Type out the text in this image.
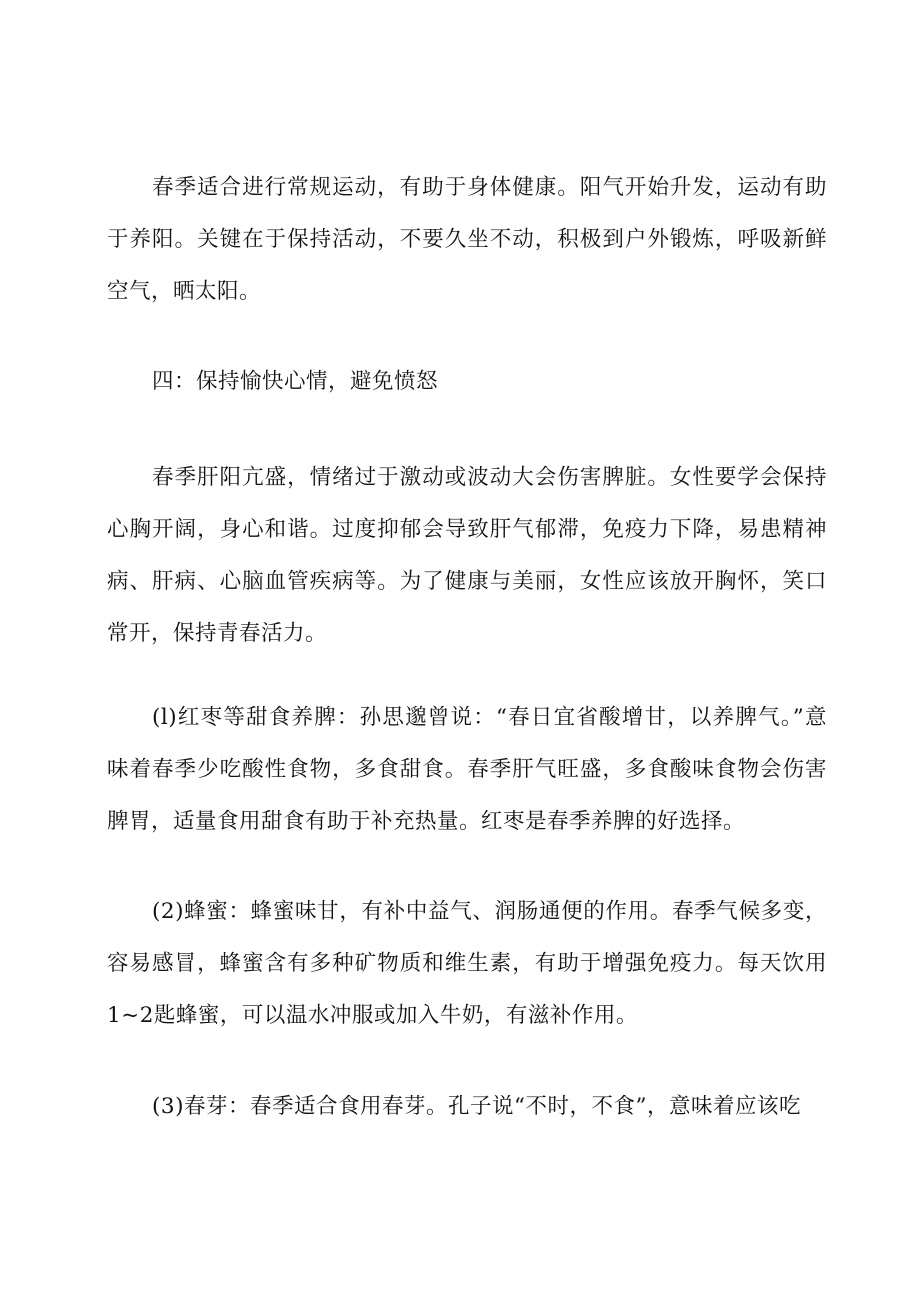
春季适合进行常规运动，有助于身体健康。阳气开始升发，运动有助于养阳。关键在于保持活动，不要久坐不动，积极到户外锻炼，呼吸新鲜空气，晒太阳。

四：保持愉快心情，避免愤怒

春季肝阳亢盛，情绪过于激动或波动大会伤害脾脏。女性要学会保持心胸开阔，身心和谐。过度抑郁会导致肝气郁滞，免疫力下降，易患精神病、肝病、心脑血管疾病等。为了健康与美丽，女性应该放开胸怀，笑口常开，保持青春活力。

(l)红枣等甜食养脾：孙思邈曾说：“春日宜省酸增甘，以养脾气。”意味着春季少吃酸性食物，多食甜食。春季肝气旺盛，多食酸味食物会伤害脾胃，适量食用甜食有助于补充热量。红枣是春季养脾的好选择。

(2)蜂蜜：蜂蜜味甘，有补中益气、润肠通便的作用。春季气候多变，容易感冒，蜂蜜含有多种矿物质和维生素，有助于增强免疫力。每天饮用1~2匙蜂蜜，可以温水冲服或加入牛奶，有滋补作用。

(3)春芽：春季适合食用春芽。孔子说“不时，不食”，意味着应该吃
